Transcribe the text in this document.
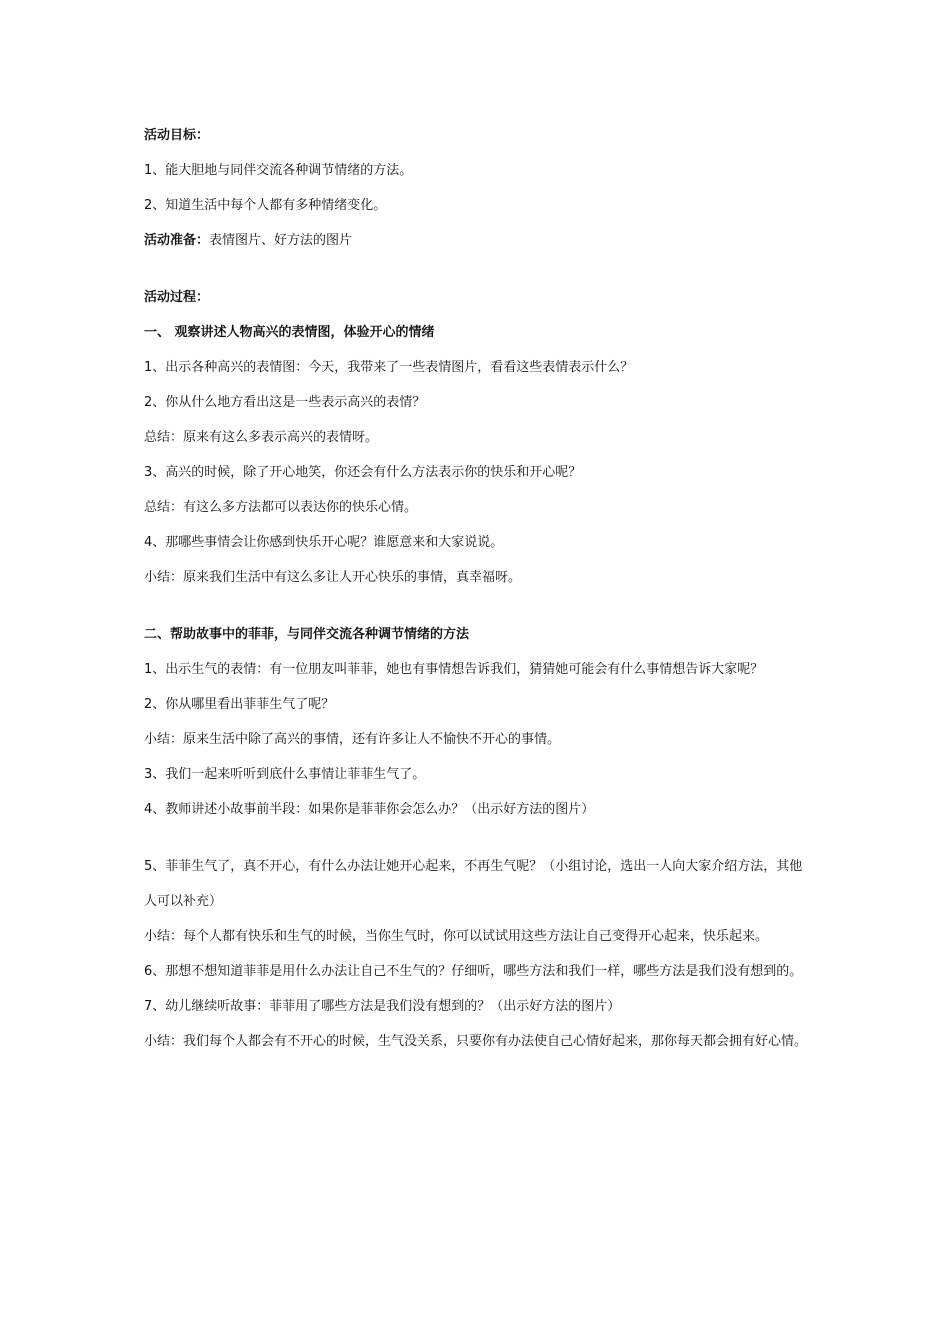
活动目标：

1、能大胆地与同伴交流各种调节情绪的方法。

2、知道生活中每个人都有多种情绪变化。

活动准备：表情图片、好方法的图片

活动过程：

一、 观察讲述人物高兴的表情图，体验开心的情绪

1、出示各种高兴的表情图：今天，我带来了一些表情图片，看看这些表情表示什么？

2、你从什么地方看出这是一些表示高兴的表情？

总结：原来有这么多表示高兴的表情呀。

3、高兴的时候，除了开心地笑，你还会有什么方法表示你的快乐和开心呢？

总结：有这么多方法都可以表达你的快乐心情。

4、那哪些事情会让你感到快乐开心呢？谁愿意来和大家说说。

小结：原来我们生活中有这么多让人开心快乐的事情，真幸福呀。

二、帮助故事中的菲菲，与同伴交流各种调节情绪的方法

1、出示生气的表情：有一位朋友叫菲菲，她也有事情想告诉我们，猜猜她可能会有什么事情想告诉大家呢？

2、你从哪里看出菲菲生气了呢？

小结：原来生活中除了高兴的事情，还有许多让人不愉快不开心的事情。

3、我们一起来听听到底什么事情让菲菲生气了。

4、教师讲述小故事前半段：如果你是菲菲你会怎么办？（出示好方法的图片）

5、菲菲生气了，真不开心，有什么办法让她开心起来，不再生气呢？（小组讨论，选出一人向大家介绍方法，其他人可以补充）

小结：每个人都有快乐和生气的时候，当你生气时，你可以试试用这些方法让自己变得开心起来，快乐起来。

6、那想不想知道菲菲是用什么办法让自己不生气的？仔细听，哪些方法和我们一样，哪些方法是我们没有想到的。

7、幼儿继续听故事：菲菲用了哪些方法是我们没有想到的？（出示好方法的图片）

小结：我们每个人都会有不开心的时候，生气没关系，只要你有办法使自己心情好起来，那你每天都会拥有好心情。
